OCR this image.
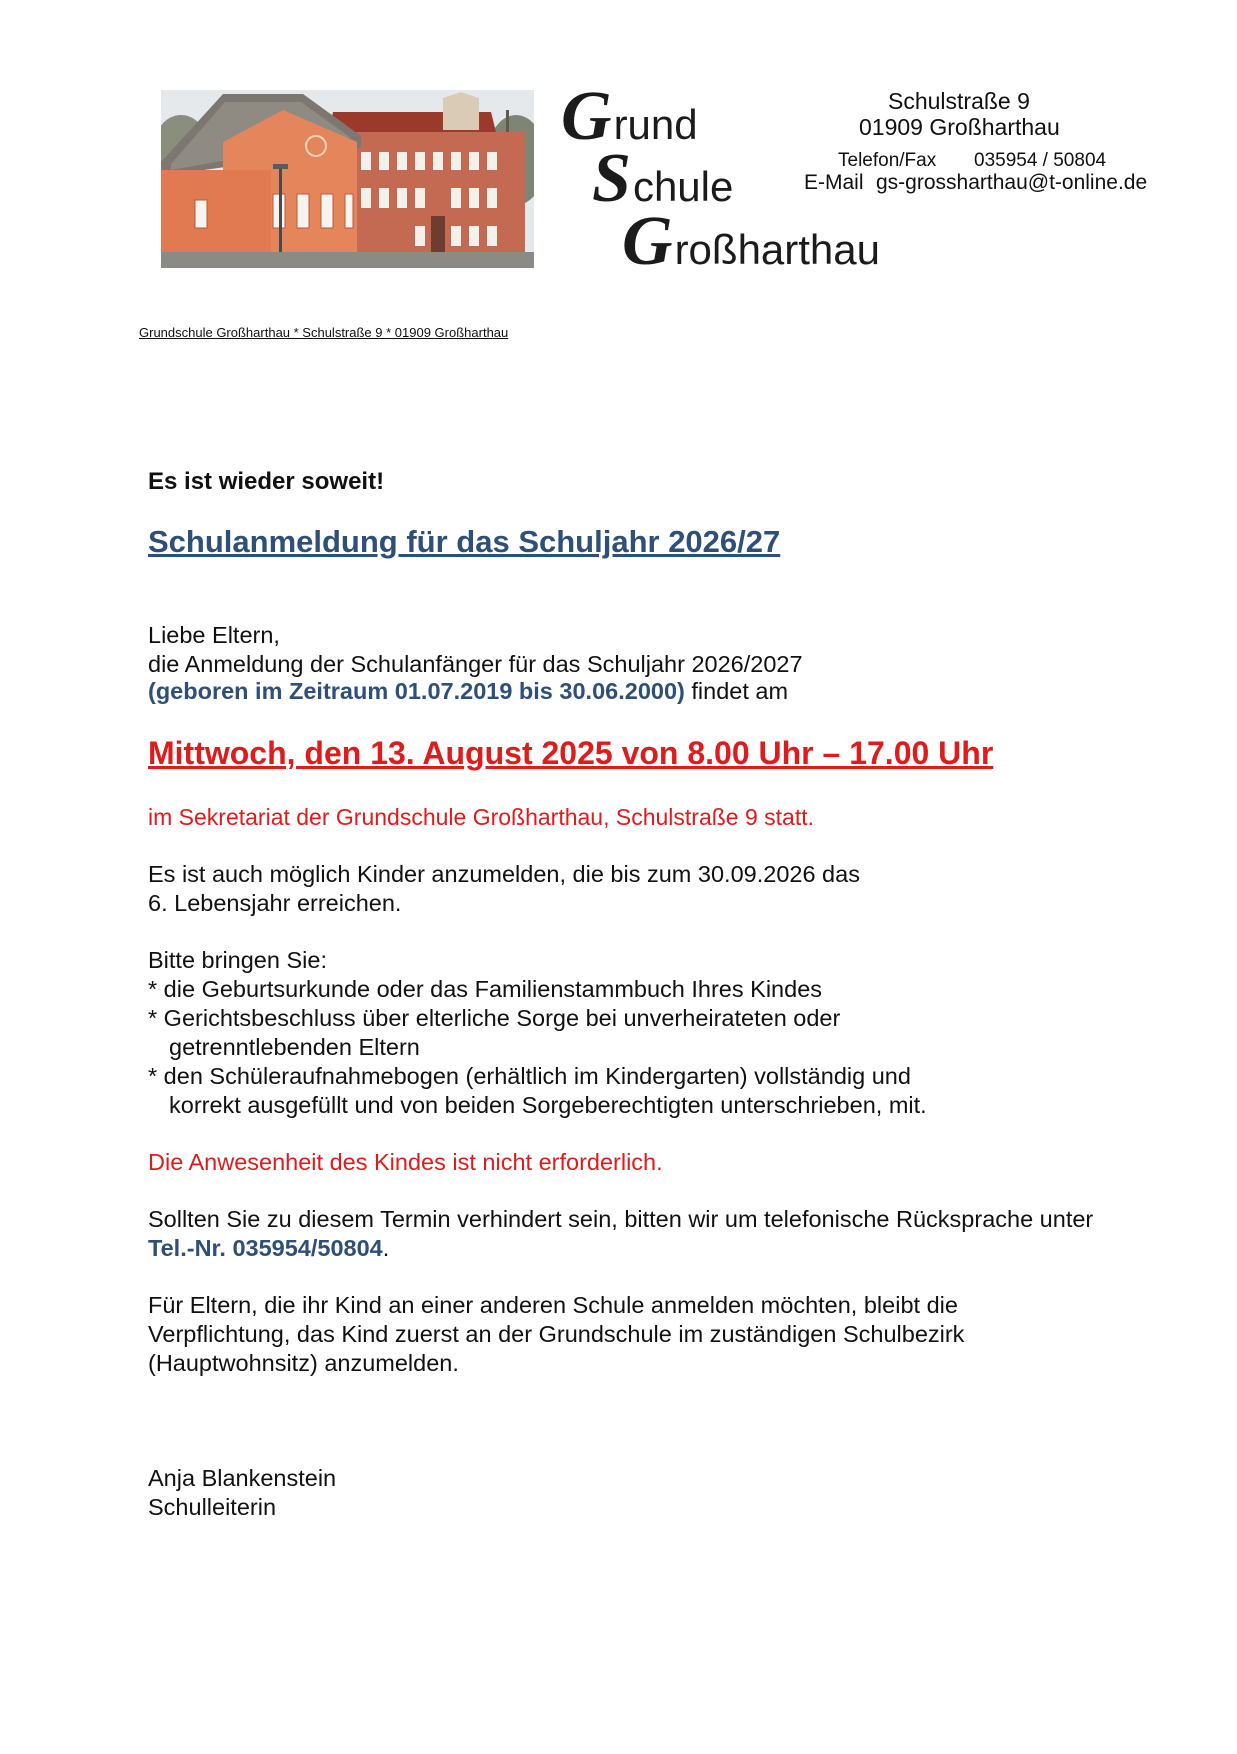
Grund
Schule
Großharthau
Schulstraße 9
01909 Großharthau
Telefon/Fax 035954 / 50804
E-Mail gs-grossharthau@t-online.de
Grundschule Großharthau * Schulstraße 9 * 01909 Großharthau
Es ist wieder soweit!
Schulanmeldung für das Schuljahr 2026/27
Liebe Eltern,
die Anmeldung der Schulanfänger für das Schuljahr 2026/2027
(geboren im Zeitraum 01.07.2019 bis 30.06.2000) findet am
Mittwoch, den 13. August 2025 von 8.00 Uhr – 17.00 Uhr
im Sekretariat der Grundschule Großharthau, Schulstraße 9 statt.
Es ist auch möglich Kinder anzumelden, die bis zum 30.09.2026 das
6. Lebensjahr erreichen.
Bitte bringen Sie:
* die Geburtsurkunde oder das Familienstammbuch Ihres Kindes
* Gerichtsbeschluss über elterliche Sorge bei unverheirateten oder
getrenntlebenden Eltern
* den Schüleraufnahmebogen (erhältlich im Kindergarten) vollständig und
korrekt ausgefüllt und von beiden Sorgeberechtigten unterschrieben, mit.
Die Anwesenheit des Kindes ist nicht erforderlich.
Sollten Sie zu diesem Termin verhindert sein, bitten wir um telefonische Rücksprache unter
Tel.-Nr. 035954/50804.
Für Eltern, die ihr Kind an einer anderen Schule anmelden möchten, bleibt die
Verpflichtung, das Kind zuerst an der Grundschule im zuständigen Schulbezirk
(Hauptwohnsitz) anzumelden.
Anja Blankenstein
Schulleiterin
